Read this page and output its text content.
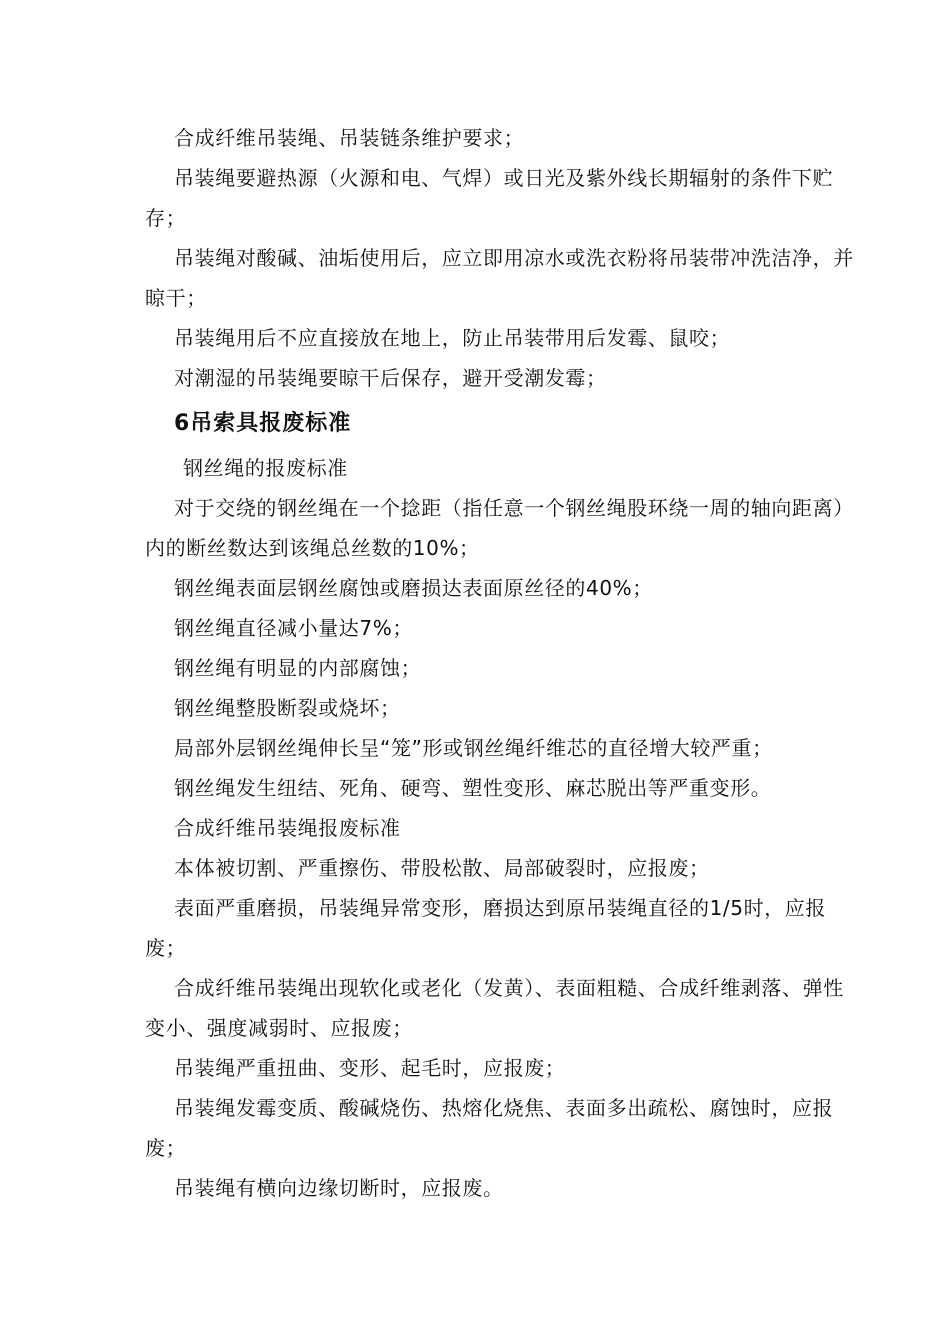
合成纤维吊装绳、吊装链条维护要求；

吊装绳要避热源（火源和电、气焊）或日光及紫外线长期辐射的条件下贮存；

吊装绳对酸碱、油垢使用后，应立即用凉水或洗衣粉将吊装带冲洗洁净，并晾干；

吊装绳用后不应直接放在地上，防止吊装带用后发霉、鼠咬；

对潮湿的吊装绳要晾干后保存，避开受潮发霉；

6吊索具报废标准
钢丝绳的报废标准

对于交绕的钢丝绳在一个捻距（指任意一个钢丝绳股环绕一周的轴向距离）内的断丝数达到该绳总丝数的10%；

钢丝绳表面层钢丝腐蚀或磨损达表面原丝径的40%；

钢丝绳直径减小量达7%；

钢丝绳有明显的内部腐蚀；

钢丝绳整股断裂或烧坏；

局部外层钢丝绳伸长呈“笼”形或钢丝绳纤维芯的直径增大较严重；

钢丝绳发生纽结、死角、硬弯、塑性变形、麻芯脱出等严重变形。

合成纤维吊装绳报废标准

本体被切割、严重擦伤、带股松散、局部破裂时，应报废；

表面严重磨损，吊装绳异常变形，磨损达到原吊装绳直径的1/5时，应报废；

合成纤维吊装绳出现软化或老化（发黄）、表面粗糙、合成纤维剥落、弹性变小、强度减弱时、应报废；

吊装绳严重扭曲、变形、起毛时，应报废；

吊装绳发霉变质、酸碱烧伤、热熔化烧焦、表面多出疏松、腐蚀时，应报废；

吊装绳有横向边缘切断时，应报废。
